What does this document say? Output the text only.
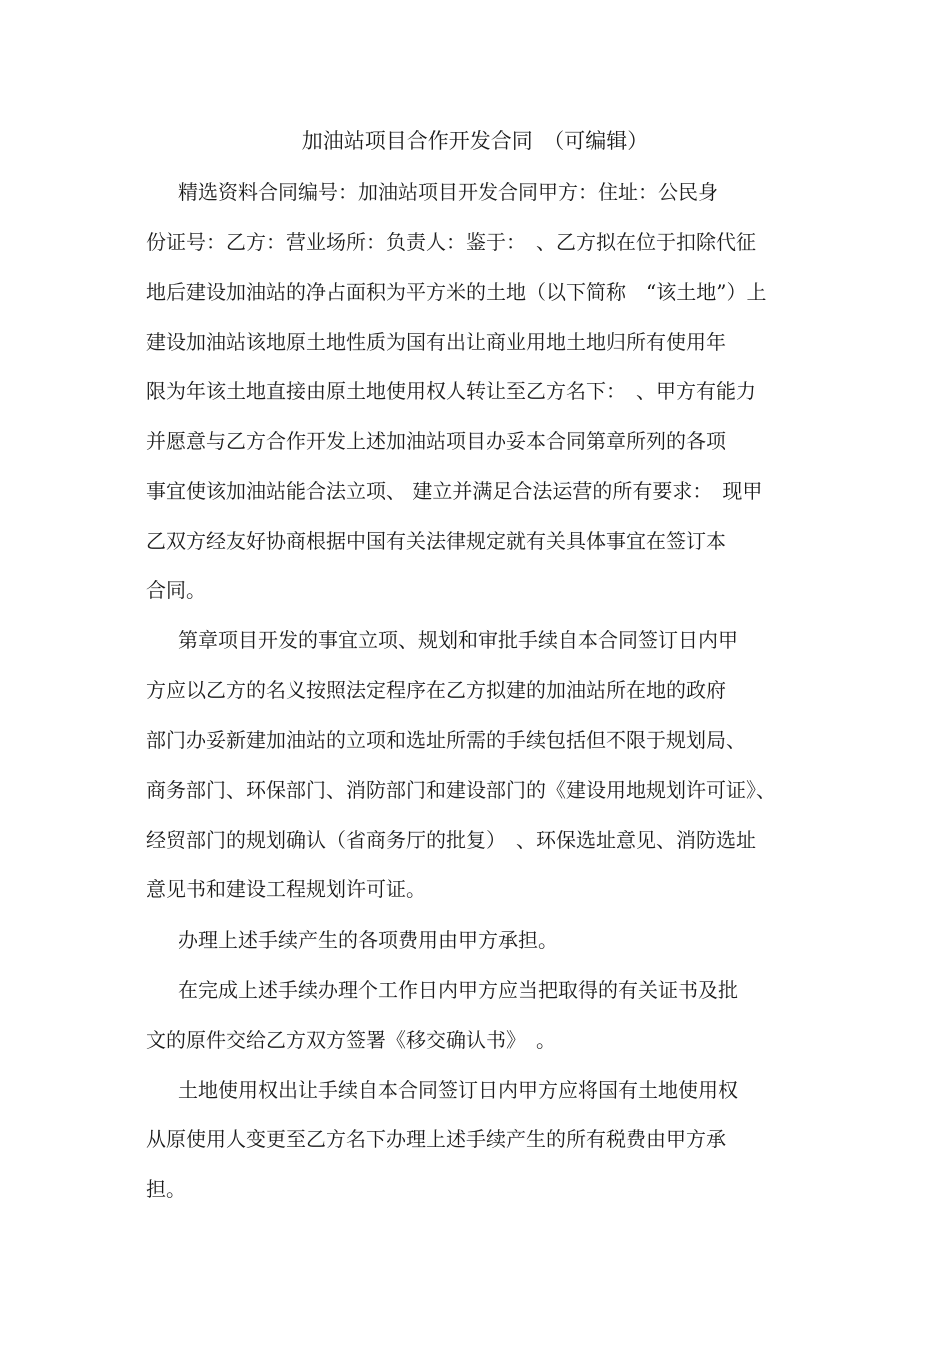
加油站项目合作开发合同　（可编辑）
精选资料合同编号：加油站项目开发合同甲方：住址：公民身
份证号：乙方：营业场所：负责人：鉴于：　、乙方拟在位于扣除代征
地后建设加油站的净占面积为平方米的土地（以下简称　“该土地”）上
建设加油站该地原土地性质为国有出让商业用地土地归所有使用年
限为年该土地直接由原土地使用权人转让至乙方名下：　、甲方有能力
并愿意与乙方合作开发上述加油站项目办妥本合同第章所列的各项
事宜使该加油站能合法立项、 建立并满足合法运营的所有要求：　现甲
乙双方经友好协商根据中国有关法律规定就有关具体事宜在签订本
合同。
第章项目开发的事宜立项、规划和审批手续自本合同签订日内甲
方应以乙方的名义按照法定程序在乙方拟建的加油站所在地的政府
部门办妥新建加油站的立项和选址所需的手续包括但不限于规划局、
商务部门、环保部门、消防部门和建设部门的《建设用地规划许可证》、
经贸部门的规划确认（省商务厅的批复）　、环保选址意见、消防选址
意见书和建设工程规划许可证。
办理上述手续产生的各项费用由甲方承担。
在完成上述手续办理个工作日内甲方应当把取得的有关证书及批
文的原件交给乙方双方签署《移交确认书》　。
土地使用权出让手续自本合同签订日内甲方应将国有土地使用权
从原使用人变更至乙方名下办理上述手续产生的所有税费由甲方承
担。
